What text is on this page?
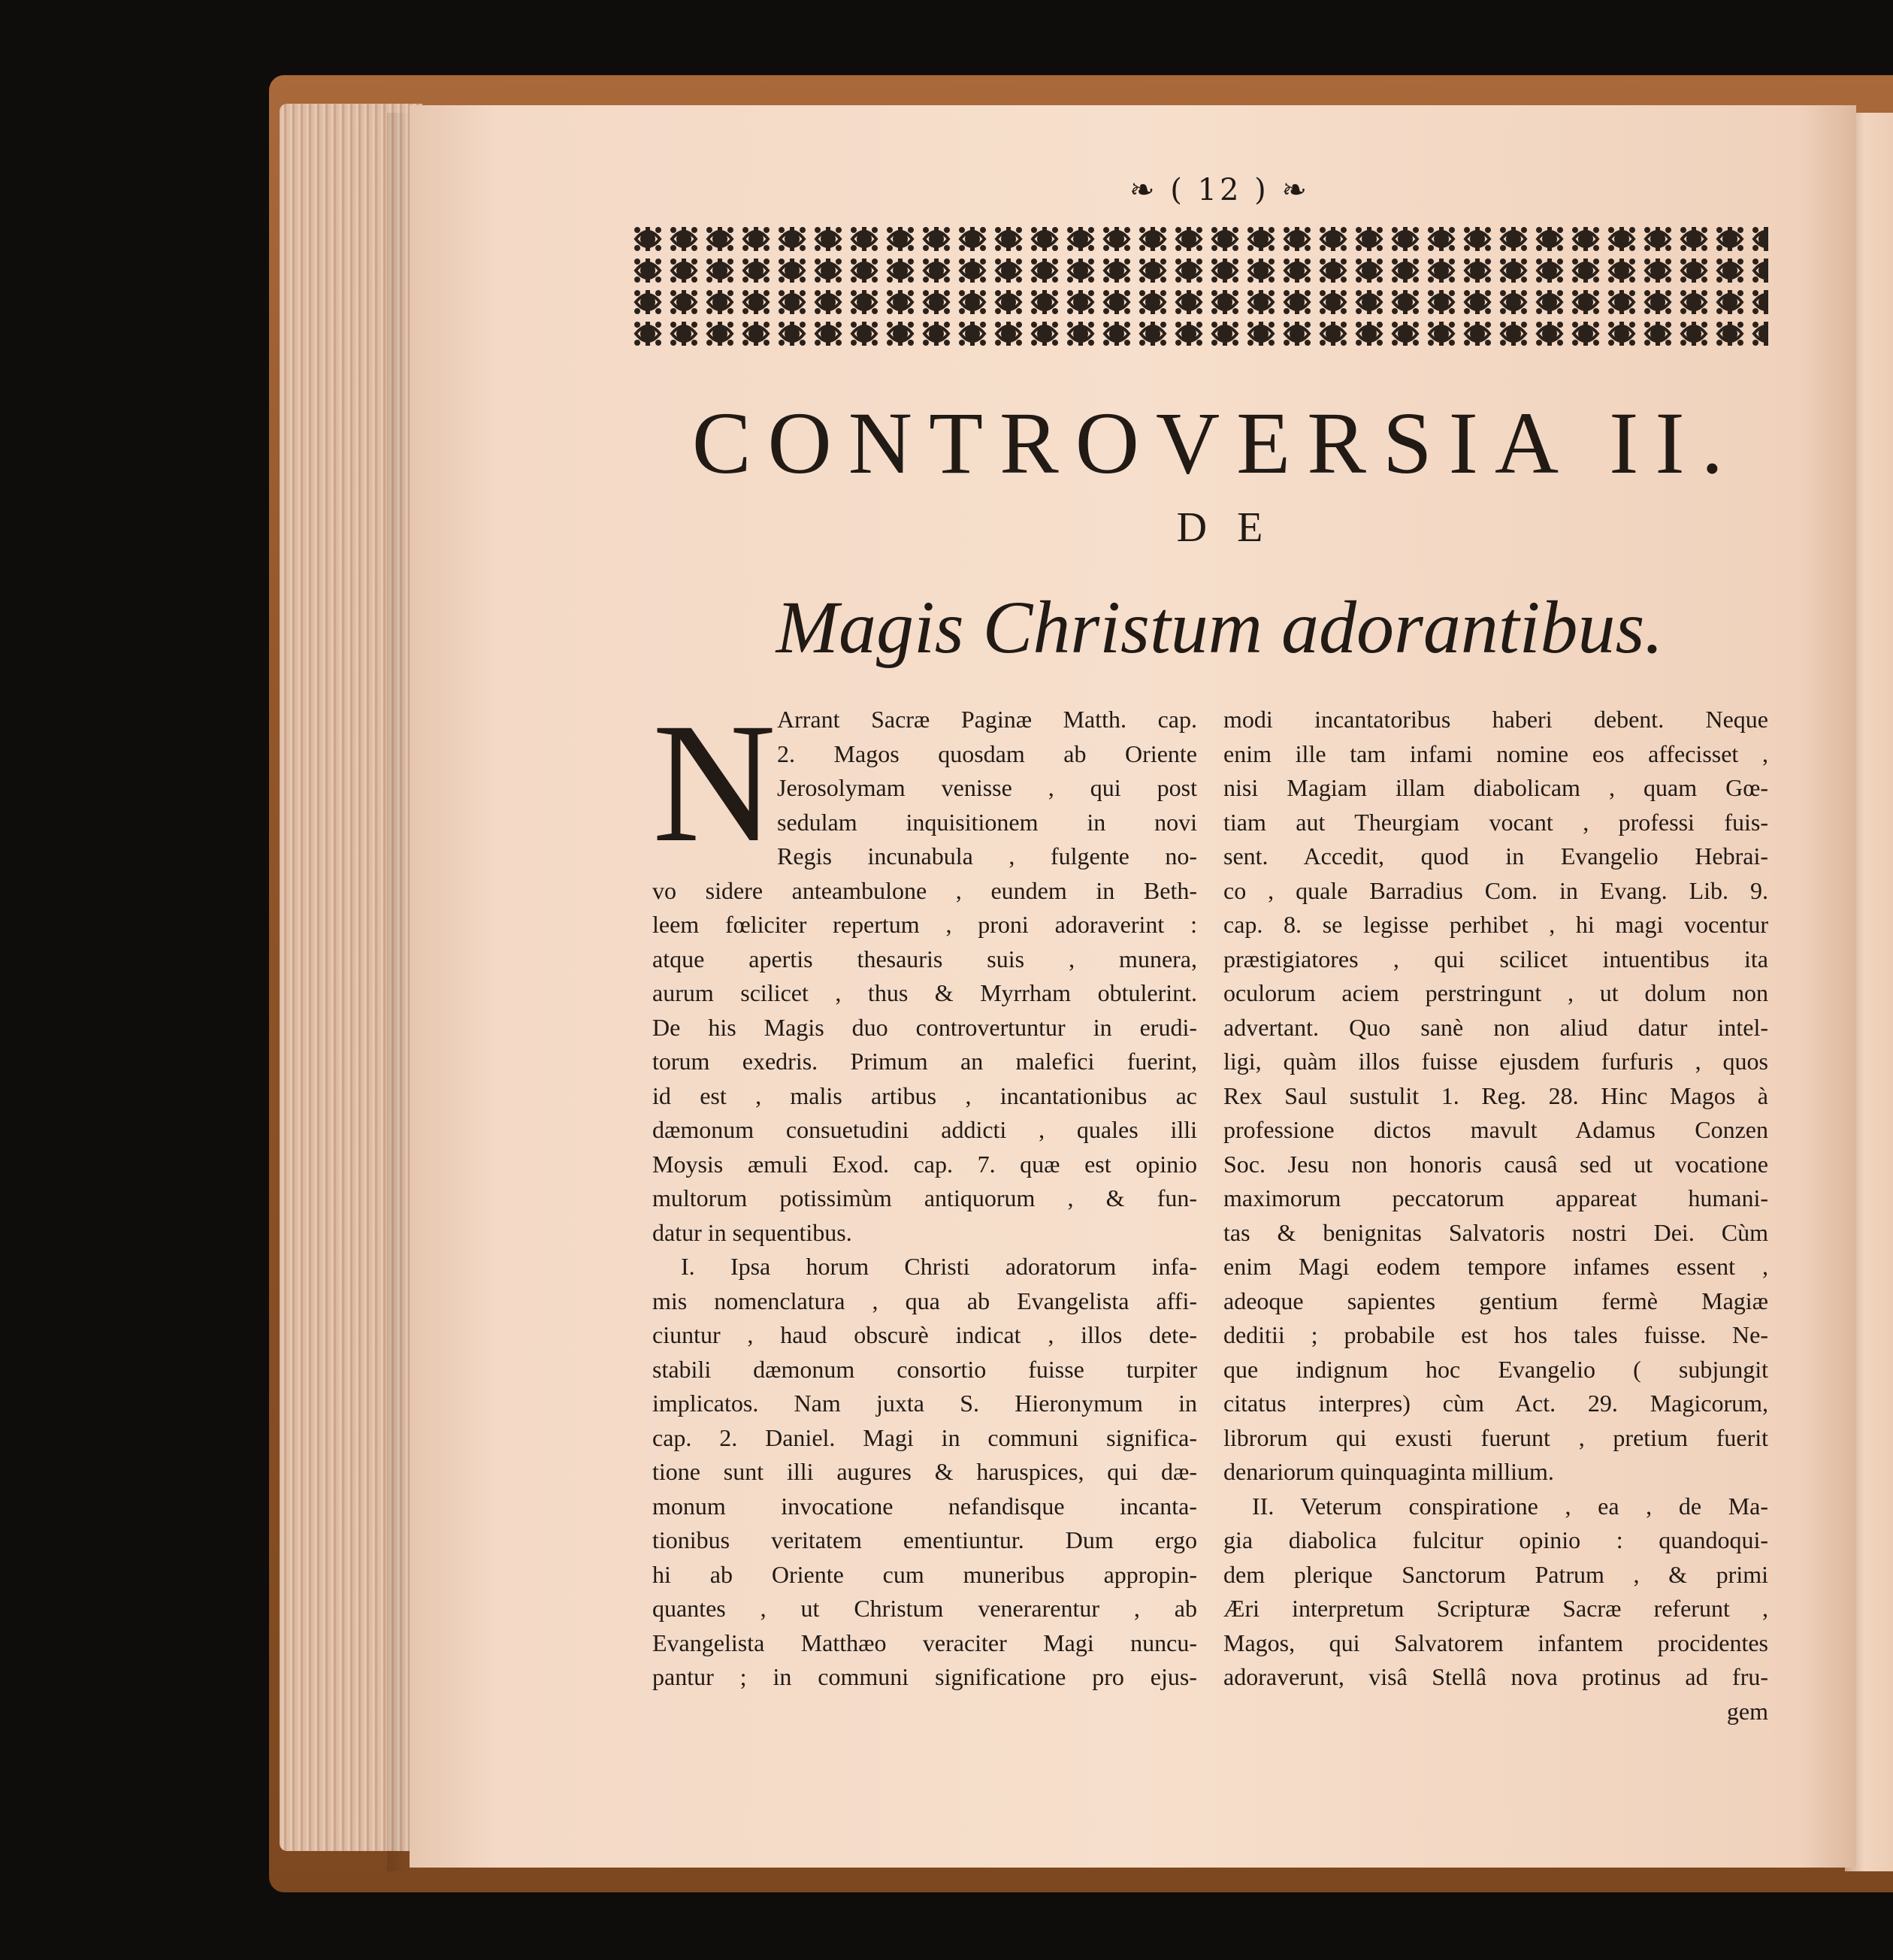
❧ ( 12 ) ❧
CONTROVERSIA II.
DE
Magis Christum adorantibus.
N Arrant Sacræ Paginæ Matth. cap.
2. Magos quosdam ab Oriente
Jerosolymam venisse , qui post
sedulam inquisitionem in novi
Regis incunabula , fulgente no-
vo sidere anteambulone , eundem in Beth-
leem fœliciter repertum , proni adoraverint :
atque apertis thesauris suis , munera,
aurum scilicet , thus & Myrrham obtulerint.
De his Magis duo controvertuntur in erudi-
torum exedris. Primum an malefici fuerint,
id est , malis artibus , incantationibus ac
dæmonum consuetudini addicti , quales illi
Moysis æmuli Exod. cap. 7. quæ est opinio
multorum potissimùm antiquorum , & fun-
datur in sequentibus.
I. Ipsa horum Christi adoratorum infa-
mis nomenclatura , qua ab Evangelista affi-
ciuntur , haud obscurè indicat , illos dete-
stabili dæmonum consortio fuisse turpiter
implicatos. Nam juxta S. Hieronymum in
cap. 2. Daniel. Magi in communi significa-
tione sunt illi augures & haruspices, qui dæ-
monum invocatione nefandisque incanta-
tionibus veritatem ementiuntur. Dum ergo
hi ab Oriente cum muneribus appropin-
quantes , ut Christum venerarentur , ab
Evangelista Matthæo veraciter Magi nuncu-
pantur ; in communi significatione pro ejus-
modi incantatoribus haberi debent. Neque
enim ille tam infami nomine eos affecisset ,
nisi Magiam illam diabolicam , quam Gœ-
tiam aut Theurgiam vocant , professi fuis-
sent. Accedit, quod in Evangelio Hebrai-
co , quale Barradius Com. in Evang. Lib. 9.
cap. 8. se legisse perhibet , hi magi vocentur
præstigiatores , qui scilicet intuentibus ita
oculorum aciem perstringunt , ut dolum non
advertant. Quo sanè non aliud datur intel-
ligi, quàm illos fuisse ejusdem furfuris , quos
Rex Saul sustulit 1. Reg. 28. Hinc Magos à
professione dictos mavult Adamus Conzen
Soc. Jesu non honoris causâ sed ut vocatione
maximorum peccatorum appareat humani-
tas & benignitas Salvatoris nostri Dei. Cùm
enim Magi eodem tempore infames essent ,
adeoque sapientes gentium fermè Magiæ
deditii ; probabile est hos tales fuisse. Ne-
que indignum hoc Evangelio ( subjungit
citatus interpres) cùm Act. 29. Magicorum,
librorum qui exusti fuerunt , pretium fuerit
denariorum quinquaginta millium.
II. Veterum conspiratione , ea , de Ma-
gia diabolica fulcitur opinio : quandoqui-
dem plerique Sanctorum Patrum , & primi
Æri interpretum Scripturæ Sacræ referunt ,
Magos, qui Salvatorem infantem procidentes
adoraverunt, visâ Stellâ nova protinus ad fru-
gem
